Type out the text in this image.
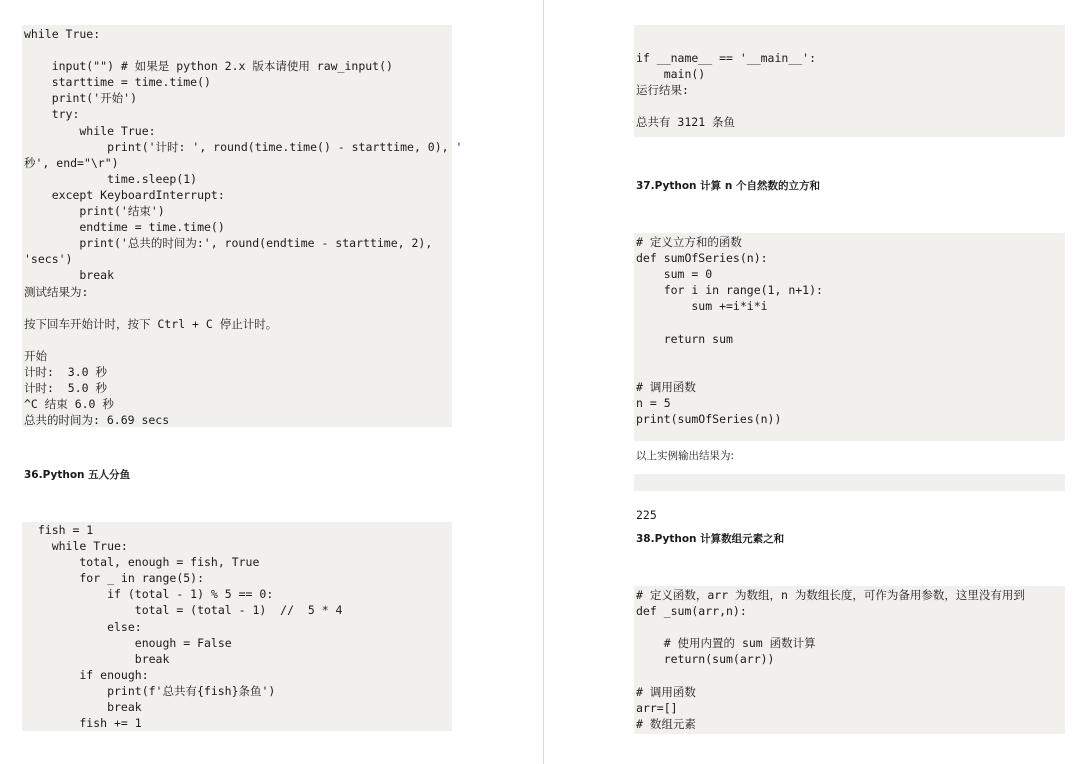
while True:

input("") # 如果是 python 2.x 版本请使用 raw_input()
starttime = time.time()
print('开始')
try:
while True:
print('计时: ', round(time.time() - starttime, 0), '
秒', end="\r")
time.sleep(1)
except KeyboardInterrupt:
print('结束')
endtime = time.time()
print('总共的时间为:', round(endtime - starttime, 2),
'secs')
break
测试结果为:

按下回车开始计时，按下 Ctrl + C 停止计时。

开始
计时:  3.0 秒
计时:  5.0 秒
^C 结束 6.0 秒
总共的时间为: 6.69 secs
36.Python 五人分鱼
fish = 1
while True:
total, enough = fish, True
for _ in range(5):
if (total - 1) % 5 == 0:
total = (total - 1)  //  5 * 4
else:
enough = False
break
if enough:
print(f'总共有{fish}条鱼')
break
fish += 1

if __name__ == '__main__':
main()
运行结果:

总共有 3121 条鱼
37.Python 计算 n 个自然数的立方和
# 定义立方和的函数
def sumOfSeries(n):
sum = 0
for i in range(1, n+1):
sum +=i*i*i

return sum

# 调用函数
n = 5
print(sumOfSeries(n))
以上实例输出结果为:

225

38.Python 计算数组元素之和
# 定义函数，arr 为数组，n 为数组长度，可作为备用参数，这里没有用到
def _sum(arr,n):

# 使用内置的 sum 函数计算
return(sum(arr))

# 调用函数
arr=[]
# 数组元素
